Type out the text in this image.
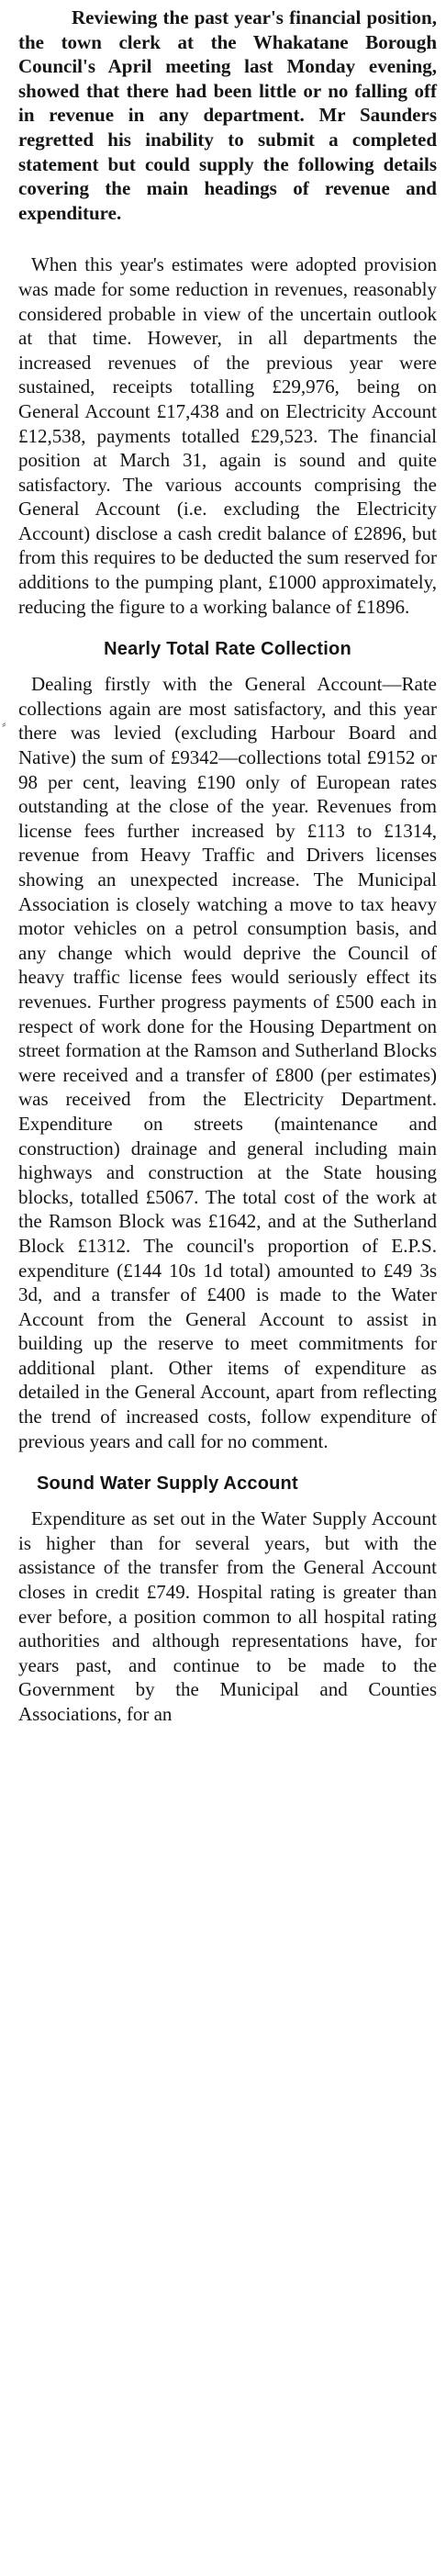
⸗

Reviewing the past year's financial position, the town clerk at the Whakatane Borough Council's April meeting last Monday evening, showed that there had been little or no falling off in revenue in any department. Mr Saunders regretted his inability to submit a completed statement but could supply the following details covering the main headings of revenue and expenditure.

When this year's estimates were adopted provision was made for some reduction in revenues, reasonably considered probable in view of the uncertain outlook at that time. However, in all departments the increased revenues of the previous year were sustained, receipts totalling £29,976, being on General Account £17,438 and on Electricity Account £12,538, payments totalled £29,523. The financial position at March 31, again is sound and quite satisfactory. The various accounts comprising the General Account (i.e. excluding the Electricity Account) disclose a cash credit balance of £2896, but from this requires to be deducted the sum reserved for additions to the pumping plant, £1000 approximately, reducing the figure to a working balance of £1896.

Nearly Total Rate Collection

Dealing firstly with the General Account—Rate collections again are most satisfactory, and this year there was levied (excluding Harbour Board and Native) the sum of £9342—collections total £9152 or 98 per cent, leaving £190 only of European rates outstanding at the close of the year. Revenues from license fees further increased by £113 to £1314, revenue from Heavy Traffic and Drivers licenses showing an unexpected increase. The Municipal Association is closely watching a move to tax heavy motor vehicles on a petrol consumption basis, and any change which would deprive the Council of heavy traffic license fees would seriously effect its revenues. Further progress payments of £500 each in respect of work done for the Housing Department on street formation at the Ramson and Sutherland Blocks were received and a transfer of £800 (per estimates) was received from the Electricity Department. Expenditure on streets (maintenance and construction) drainage and general including main highways and construction at the State housing blocks, totalled £5067. The total cost of the work at the Ramson Block was £1642, and at the Sutherland Block £1312. The council's proportion of E.P.S. expenditure (£144 10s 1d total) amounted to £49 3s 3d, and a transfer of £400 is made to the Water Account from the General Account to assist in building up the reserve to meet commitments for additional plant. Other items of expenditure as detailed in the General Account, apart from reflecting the trend of increased costs, follow expenditure of previous years and call for no comment.

Sound Water Supply Account

Expenditure as set out in the Water Supply Account is higher than for several years, but with the assistance of the transfer from the General Account closes in credit £749. Hospital rating is greater than ever before, a position common to all hospital rating authorities and although representations have, for years past, and continue to be made to the Government by the Municipal and Counties Associations, for an
